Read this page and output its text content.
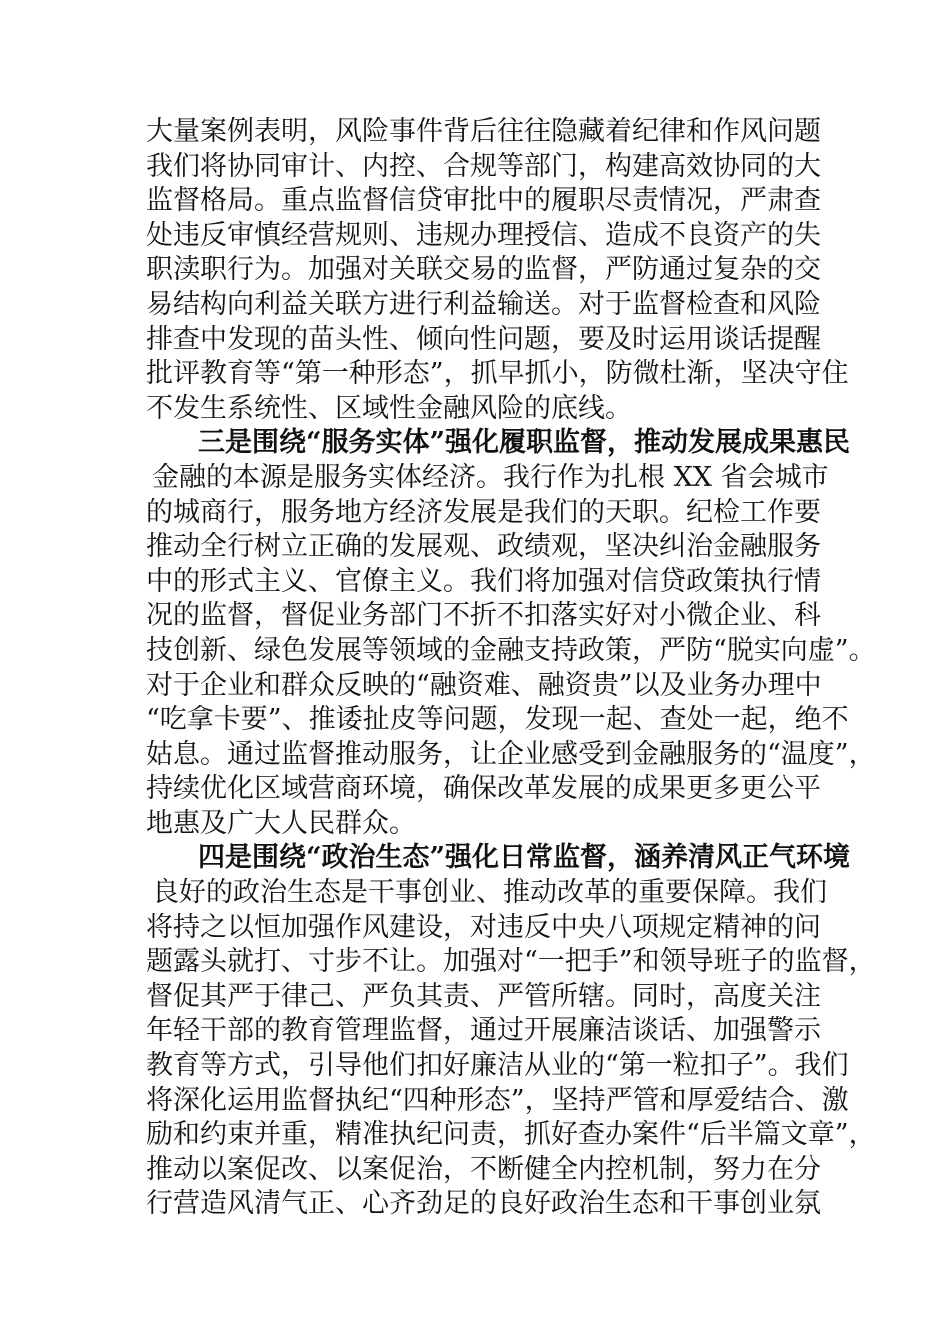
大量案例表明，风险事件背后往往隐藏着纪律和作风问题
我们将协同审计、内控、合规等部门，构建高效协同的大
监督格局。重点监督信贷审批中的履职尽责情况，严肃查
处违反审慎经营规则、违规办理授信、造成不良资产的失
职渎职行为。加强对关联交易的监督，严防通过复杂的交
易结构向利益关联方进行利益输送。对于监督检查和风险
排查中发现的苗头性、倾向性问题，要及时运用谈话提醒
批评教育等“第一种形态”，抓早抓小，防微杜渐，坚决守住
不发生系统性、区域性金融风险的底线。
三是围绕“服务实体”强化履职监督，推动发展成果惠民
金融的本源是服务实体经济。我行作为扎根 XX 省会城市
的城商行，服务地方经济发展是我们的天职。纪检工作要
推动全行树立正确的发展观、政绩观，坚决纠治金融服务
中的形式主义、官僚主义。我们将加强对信贷政策执行情
况的监督，督促业务部门不折不扣落实好对小微企业、科
技创新、绿色发展等领域的金融支持政策，严防“脱实向虚”。
对于企业和群众反映的“融资难、融资贵”以及业务办理中
“吃拿卡要”、推诿扯皮等问题，发现一起、查处一起，绝不
姑息。通过监督推动服务，让企业感受到金融服务的“温度”，
持续优化区域营商环境，确保改革发展的成果更多更公平
地惠及广大人民群众。
四是围绕“政治生态”强化日常监督，涵养清风正气环境
良好的政治生态是干事创业、推动改革的重要保障。我们
将持之以恒加强作风建设，对违反中央八项规定精神的问
题露头就打、寸步不让。加强对“一把手”和领导班子的监督，
督促其严于律己、严负其责、严管所辖。同时，高度关注
年轻干部的教育管理监督，通过开展廉洁谈话、加强警示
教育等方式，引导他们扣好廉洁从业的“第一粒扣子”。我们
将深化运用监督执纪“四种形态”，坚持严管和厚爱结合、激
励和约束并重，精准执纪问责，抓好查办案件“后半篇文章”，
推动以案促改、以案促治，不断健全内控机制，努力在分
行营造风清气正、心齐劲足的良好政治生态和干事创业氛
